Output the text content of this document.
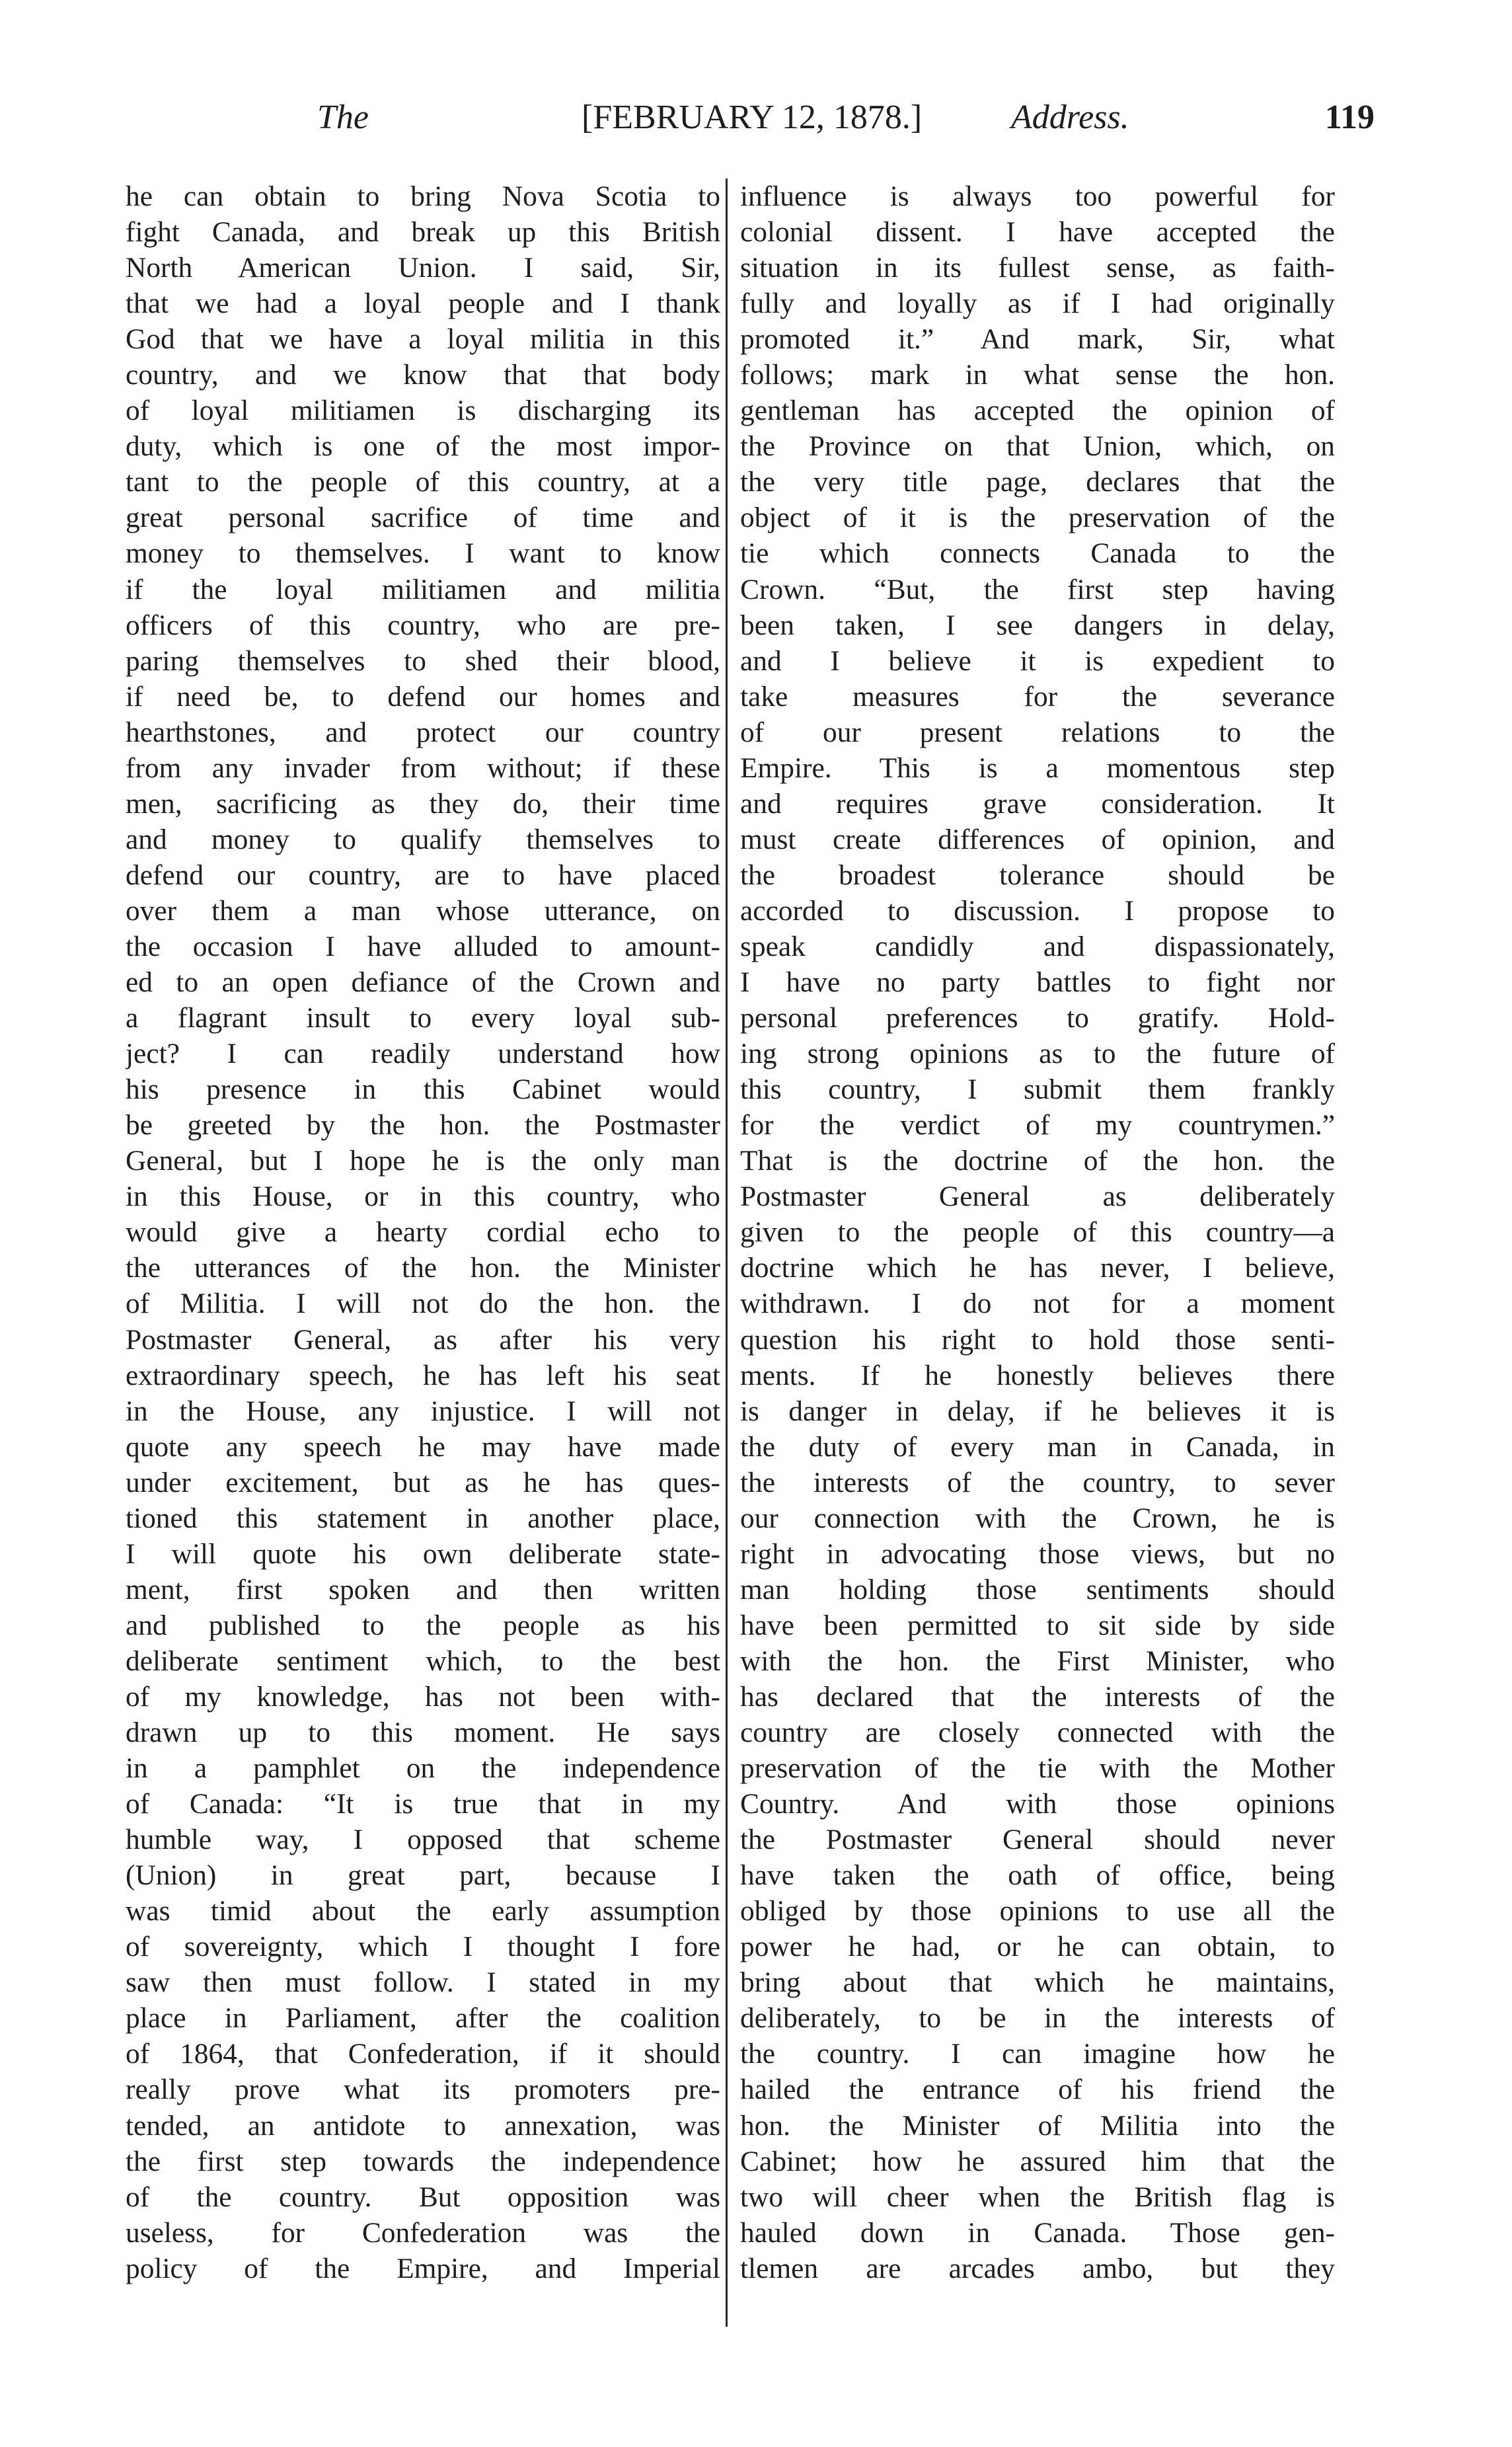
The	[FEBRUARY 12, 1878.]	Address.	119
he can obtain to bring Nova Scotia to
fight Canada, and break up this British
North American Union. I said, Sir,
that we had a loyal people and I thank
God that we have a loyal militia in this
country, and we know that that body
of loyal militiamen is discharging its
duty, which is one of the most impor-
tant to the people of this country, at a
great personal sacrifice of time and
money to themselves. I want to know
if the loyal militiamen and militia
officers of this country, who are pre-
paring themselves to shed their blood,
if need be, to defend our homes and
hearthstones, and protect our country
from any invader from without; if these
men, sacrificing as they do, their time
and money to qualify themselves to
defend our country, are to have placed
over them a man whose utterance, on
the occasion I have alluded to amount-
ed to an open defiance of the Crown and
a flagrant insult to every loyal sub-
ject? I can readily understand how
his presence in this Cabinet would
be greeted by the hon. the Postmaster
General, but I hope he is the only man
in this House, or in this country, who
would give a hearty cordial echo to
the utterances of the hon. the Minister
of Militia. I will not do the hon. the
Postmaster General, as after his very
extraordinary speech, he has left his seat
in the House, any injustice. I will not
quote any speech he may have made
under excitement, but as he has ques-
tioned this statement in another place,
I will quote his own deliberate state-
ment, first spoken and then written
and published to the people as his
deliberate sentiment which, to the best
of my knowledge, has not been with-
drawn up to this moment. He says
in a pamphlet on the independence
of Canada: “It is true that in my
humble way, I opposed that scheme
(Union) in great part, because I
was timid about the early assumption
of sovereignty, which I thought I fore
saw then must follow. I stated in my
place in Parliament, after the coalition
of 1864, that Confederation, if it should
really prove what its promoters pre-
tended, an antidote to annexation, was
the first step towards the independence
of the country. But opposition was
useless, for Confederation was the
policy of the Empire, and Imperial
influence is always too powerful for
colonial dissent. I have accepted the
situation in its fullest sense, as faith-
fully and loyally as if I had originally
promoted it.” And mark, Sir, what
follows; mark in what sense the hon.
gentleman has accepted the opinion of
the Province on that Union, which, on
the very title page, declares that the
object of it is the preservation of the
tie which connects Canada to the
Crown. “But, the first step having
been taken, I see dangers in delay,
and I believe it is expedient to
take measures for the severance
of our present relations to the
Empire. This is a momentous step
and requires grave consideration. It
must create differences of opinion, and
the broadest tolerance should be
accorded to discussion. I propose to
speak candidly and dispassionately,
I have no party battles to fight nor
personal preferences to gratify. Hold-
ing strong opinions as to the future of
this country, I submit them frankly
for the verdict of my countrymen.”
That is the doctrine of the hon. the
Postmaster General as deliberately
given to the people of this country—a
doctrine which he has never, I believe,
withdrawn. I do not for a moment
question his right to hold those senti-
ments. If he honestly believes there
is danger in delay, if he believes it is
the duty of every man in Canada, in
the interests of the country, to sever
our connection with the Crown, he is
right in advocating those views, but no
man holding those sentiments should
have been permitted to sit side by side
with the hon. the First Minister, who
has declared that the interests of the
country are closely connected with the
preservation of the tie with the Mother
Country. And with those opinions
the Postmaster General should never
have taken the oath of office, being
obliged by those opinions to use all the
power he had, or he can obtain, to
bring about that which he maintains,
deliberately, to be in the interests of
the country. I can imagine how he
hailed the entrance of his friend the
hon. the Minister of Militia into the
Cabinet; how he assured him that the
two will cheer when the British flag is
hauled down in Canada. Those gen-
tlemen are arcades ambo, but they
